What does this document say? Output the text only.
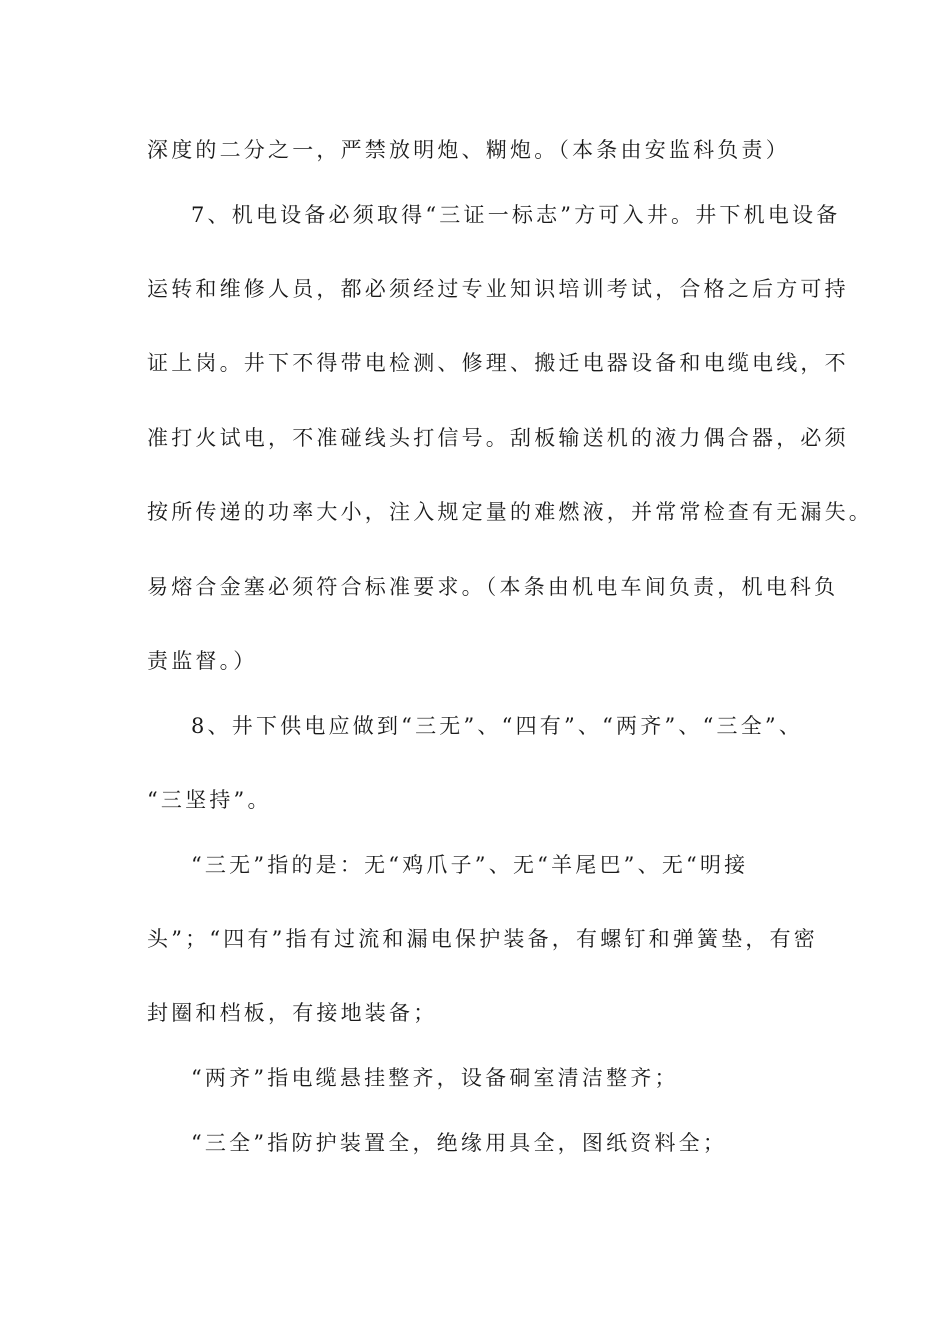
深度的二分之一，严禁放明炮、糊炮。（本条由安监科负责）
7、机电设备必须取得“三证一标志”方可入井。井下机电设备
运转和维修人员，都必须经过专业知识培训考试，合格之后方可持
证上岗。井下不得带电检测、修理、搬迁电器设备和电缆电线，不
准打火试电，不准碰线头打信号。刮板输送机的液力偶合器，必须
按所传递的功率大小，注入规定量的难燃液，并常常检查有无漏失。
易熔合金塞必须符合标准要求。（本条由机电车间负责，机电科负
责监督。）
8、井下供电应做到“三无”、“四有”、“两齐”、“三全”、
“三坚持”。
“三无”指的是：无“鸡爪子”、无“羊尾巴”、无“明接
头”；“四有”指有过流和漏电保护装备，有螺钉和弹簧垫，有密
封圈和档板，有接地装备；
“两齐”指电缆悬挂整齐，设备硐室清洁整齐；
“三全”指防护装置全，绝缘用具全，图纸资料全；
